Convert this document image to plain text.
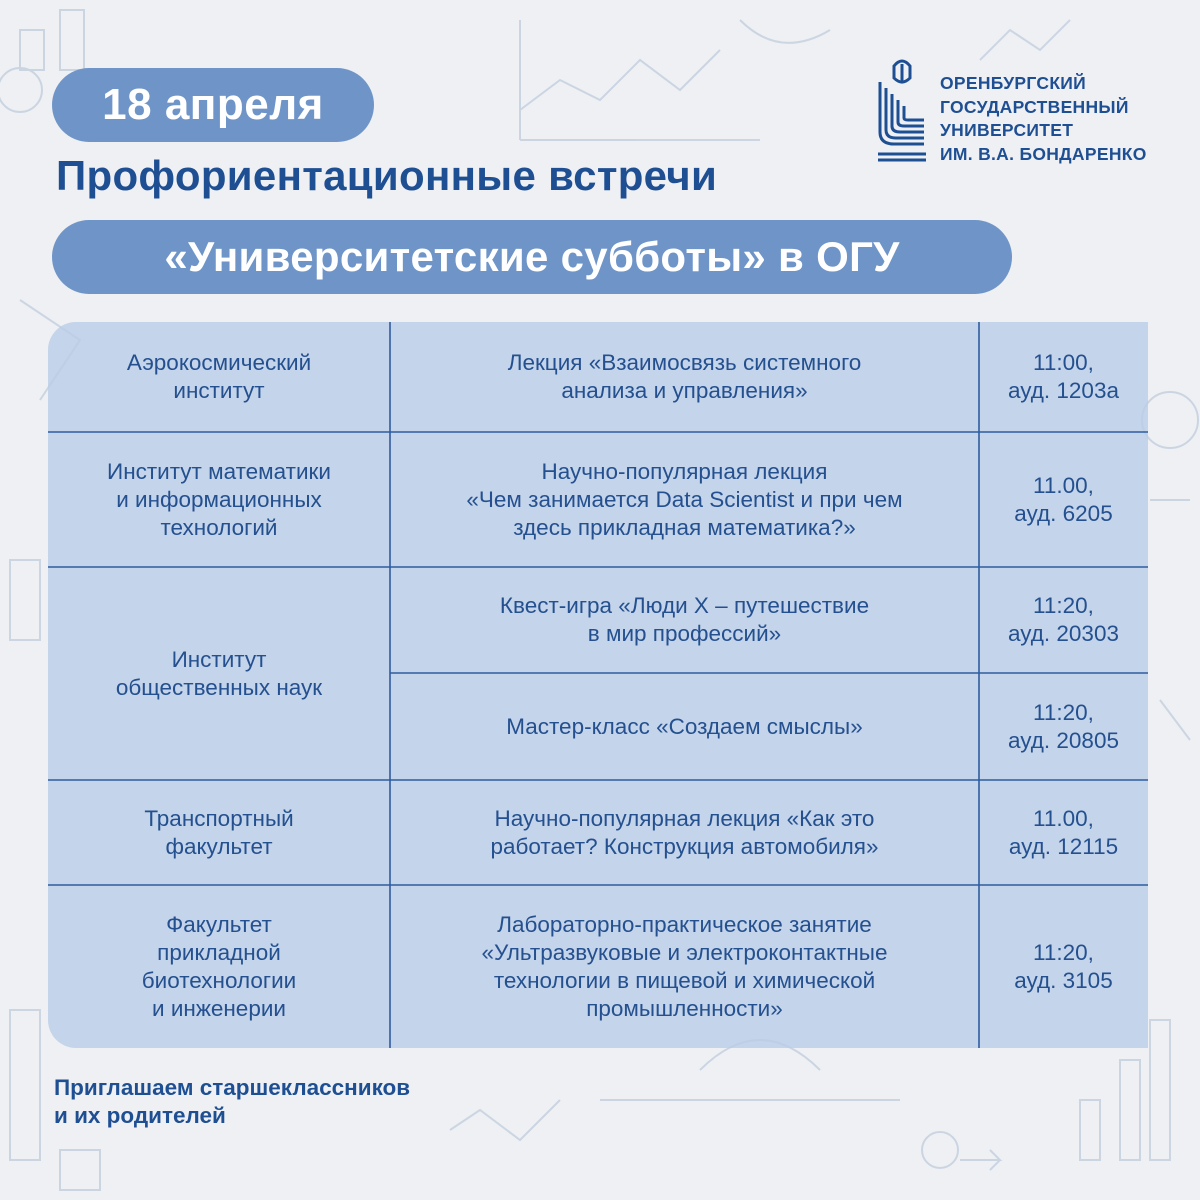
18 апреля
Профориентационные встречи
«Университетские субботы» в ОГУ
ОРЕНБУРГСКИЙ
ГОСУДАРСТВЕННЫЙ
УНИВЕРСИТЕТ
ИМ. В.А. БОНДАРЕНКО
Аэрокосмический
институт
Лекция «Взаимосвязь системного
анализа и управления»
11:00,
ауд. 1203а
Институт математики
и информационных
технологий
Научно-популярная лекция
«Чем занимается Data Scientist и при чем
здесь прикладная математика?»
11.00,
ауд. 6205
Институт
общественных наук
Квест-игра «Люди Х – путешествие
в мир профессий»
11:20,
ауд. 20303
Мастер-класс «Создаем смыслы»
11:20,
ауд. 20805
Транспортный
факультет
Научно-популярная лекция «Как это
работает? Конструкция автомобиля»
11.00,
ауд. 12115
Факультет
прикладной
биотехнологии
и инженерии
Лабораторно-практическое занятие
«Ультразвуковые и электроконтактные
технологии в пищевой и химической
промышленности»
11:20,
ауд. 3105
Приглашаем старшеклассников
и их родителей
